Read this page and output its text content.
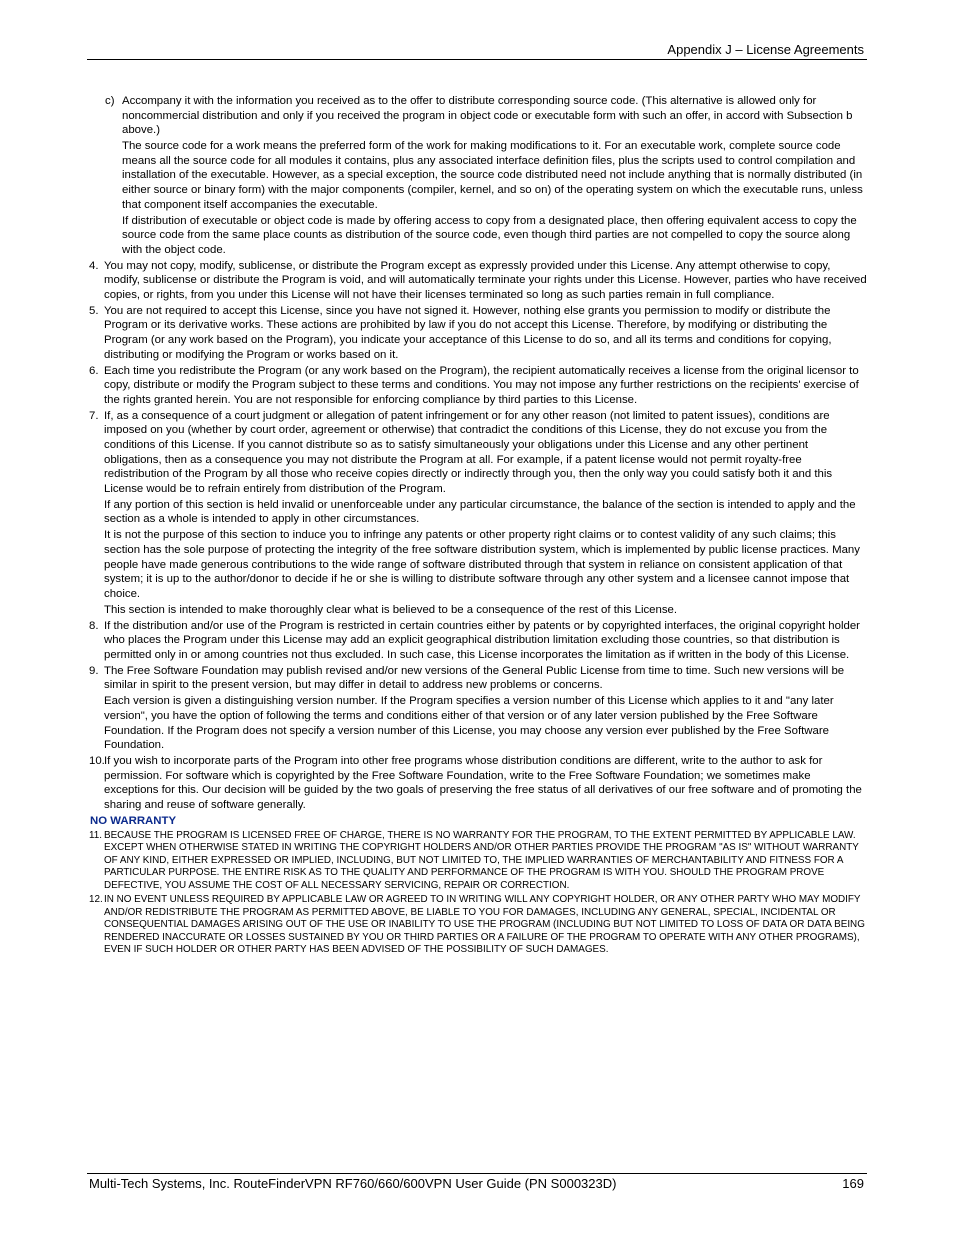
Appendix J – License Agreements
c) Accompany it with the information you received as to the offer to distribute corresponding source code. (This alternative is allowed only for noncommercial distribution and only if you received the program in object code or executable form with such an offer, in accord with Subsection b above.)

The source code for a work means the preferred form of the work for making modifications to it. For an executable work, complete source code means all the source code for all modules it contains, plus any associated interface definition files, plus the scripts used to control compilation and installation of the executable. However, as a special exception, the source code distributed need not include anything that is normally distributed (in either source or binary form) with the major components (compiler, kernel, and so on) of the operating system on which the executable runs, unless that component itself accompanies the executable.

If distribution of executable or object code is made by offering access to copy from a designated place, then offering equivalent access to copy the source code from the same place counts as distribution of the source code, even though third parties are not compelled to copy the source along with the object code.

4. You may not copy, modify, sublicense, or distribute the Program except as expressly provided under this License. Any attempt otherwise to copy, modify, sublicense or distribute the Program is void, and will automatically terminate your rights under this License. However, parties who have received copies, or rights, from you under this License will not have their licenses terminated so long as such parties remain in full compliance.

5. You are not required to accept this License, since you have not signed it. However, nothing else grants you permission to modify or distribute the Program or its derivative works. These actions are prohibited by law if you do not accept this License. Therefore, by modifying or distributing the Program (or any work based on the Program), you indicate your acceptance of this License to do so, and all its terms and conditions for copying, distributing or modifying the Program or works based on it.

6. Each time you redistribute the Program (or any work based on the Program), the recipient automatically receives a license from the original licensor to copy, distribute or modify the Program subject to these terms and conditions. You may not impose any further restrictions on the recipients' exercise of the rights granted herein. You are not responsible for enforcing compliance by third parties to this License.

7. If, as a consequence of a court judgment or allegation of patent infringement or for any other reason (not limited to patent issues), conditions are imposed on you (whether by court order, agreement or otherwise) that contradict the conditions of this License, they do not excuse you from the conditions of this License. If you cannot distribute so as to satisfy simultaneously your obligations under this License and any other pertinent obligations, then as a consequence you may not distribute the Program at all. For example, if a patent license would not permit royalty-free redistribution of the Program by all those who receive copies directly or indirectly through you, then the only way you could satisfy both it and this License would be to refrain entirely from distribution of the Program.

If any portion of this section is held invalid or unenforceable under any particular circumstance, the balance of the section is intended to apply and the section as a whole is intended to apply in other circumstances.

It is not the purpose of this section to induce you to infringe any patents or other property right claims or to contest validity of any such claims; this section has the sole purpose of protecting the integrity of the free software distribution system, which is implemented by public license practices. Many people have made generous contributions to the wide range of software distributed through that system in reliance on consistent application of that system; it is up to the author/donor to decide if he or she is willing to distribute software through any other system and a licensee cannot impose that choice.

This section is intended to make thoroughly clear what is believed to be a consequence of the rest of this License.

8. If the distribution and/or use of the Program is restricted in certain countries either by patents or by copyrighted interfaces, the original copyright holder who places the Program under this License may add an explicit geographical distribution limitation excluding those countries, so that distribution is permitted only in or among countries not thus excluded. In such case, this License incorporates the limitation as if written in the body of this License.

9. The Free Software Foundation may publish revised and/or new versions of the General Public License from time to time. Such new versions will be similar in spirit to the present version, but may differ in detail to address new problems or concerns.

Each version is given a distinguishing version number. If the Program specifies a version number of this License which applies to it and "any later version", you have the option of following the terms and conditions either of that version or of any later version published by the Free Software Foundation. If the Program does not specify a version number of this License, you may choose any version ever published by the Free Software Foundation.

10. If you wish to incorporate parts of the Program into other free programs whose distribution conditions are different, write to the author to ask for permission. For software which is copyrighted by the Free Software Foundation, write to the Free Software Foundation; we sometimes make exceptions for this. Our decision will be guided by the two goals of preserving the free status of all derivatives of our free software and of promoting the sharing and reuse of software generally.

NO WARRANTY
11. BECAUSE THE PROGRAM IS LICENSED FREE OF CHARGE, THERE IS NO WARRANTY FOR THE PROGRAM, TO THE EXTENT PERMITTED BY APPLICABLE LAW. EXCEPT WHEN OTHERWISE STATED IN WRITING THE COPYRIGHT HOLDERS AND/OR OTHER PARTIES PROVIDE THE PROGRAM "AS IS" WITHOUT WARRANTY OF ANY KIND, EITHER EXPRESSED OR IMPLIED, INCLUDING, BUT NOT LIMITED TO, THE IMPLIED WARRANTIES OF MERCHANTABILITY AND FITNESS FOR A PARTICULAR PURPOSE. THE ENTIRE RISK AS TO THE QUALITY AND PERFORMANCE OF THE PROGRAM IS WITH YOU. SHOULD THE PROGRAM PROVE DEFECTIVE, YOU ASSUME THE COST OF ALL NECESSARY SERVICING, REPAIR OR CORRECTION.

12. IN NO EVENT UNLESS REQUIRED BY APPLICABLE LAW OR AGREED TO IN WRITING WILL ANY COPYRIGHT HOLDER, OR ANY OTHER PARTY WHO MAY MODIFY AND/OR REDISTRIBUTE THE PROGRAM AS PERMITTED ABOVE, BE LIABLE TO YOU FOR DAMAGES, INCLUDING ANY GENERAL, SPECIAL, INCIDENTAL OR CONSEQUENTIAL DAMAGES ARISING OUT OF THE USE OR INABILITY TO USE THE PROGRAM (INCLUDING BUT NOT LIMITED TO LOSS OF DATA OR DATA BEING RENDERED INACCURATE OR LOSSES SUSTAINED BY YOU OR THIRD PARTIES OR A FAILURE OF THE PROGRAM TO OPERATE WITH ANY OTHER PROGRAMS), EVEN IF SUCH HOLDER OR OTHER PARTY HAS BEEN ADVISED OF THE POSSIBILITY OF SUCH DAMAGES.

Multi-Tech Systems, Inc. RouteFinderVPN RF760/660/600VPN User Guide (PN S000323D)	169
